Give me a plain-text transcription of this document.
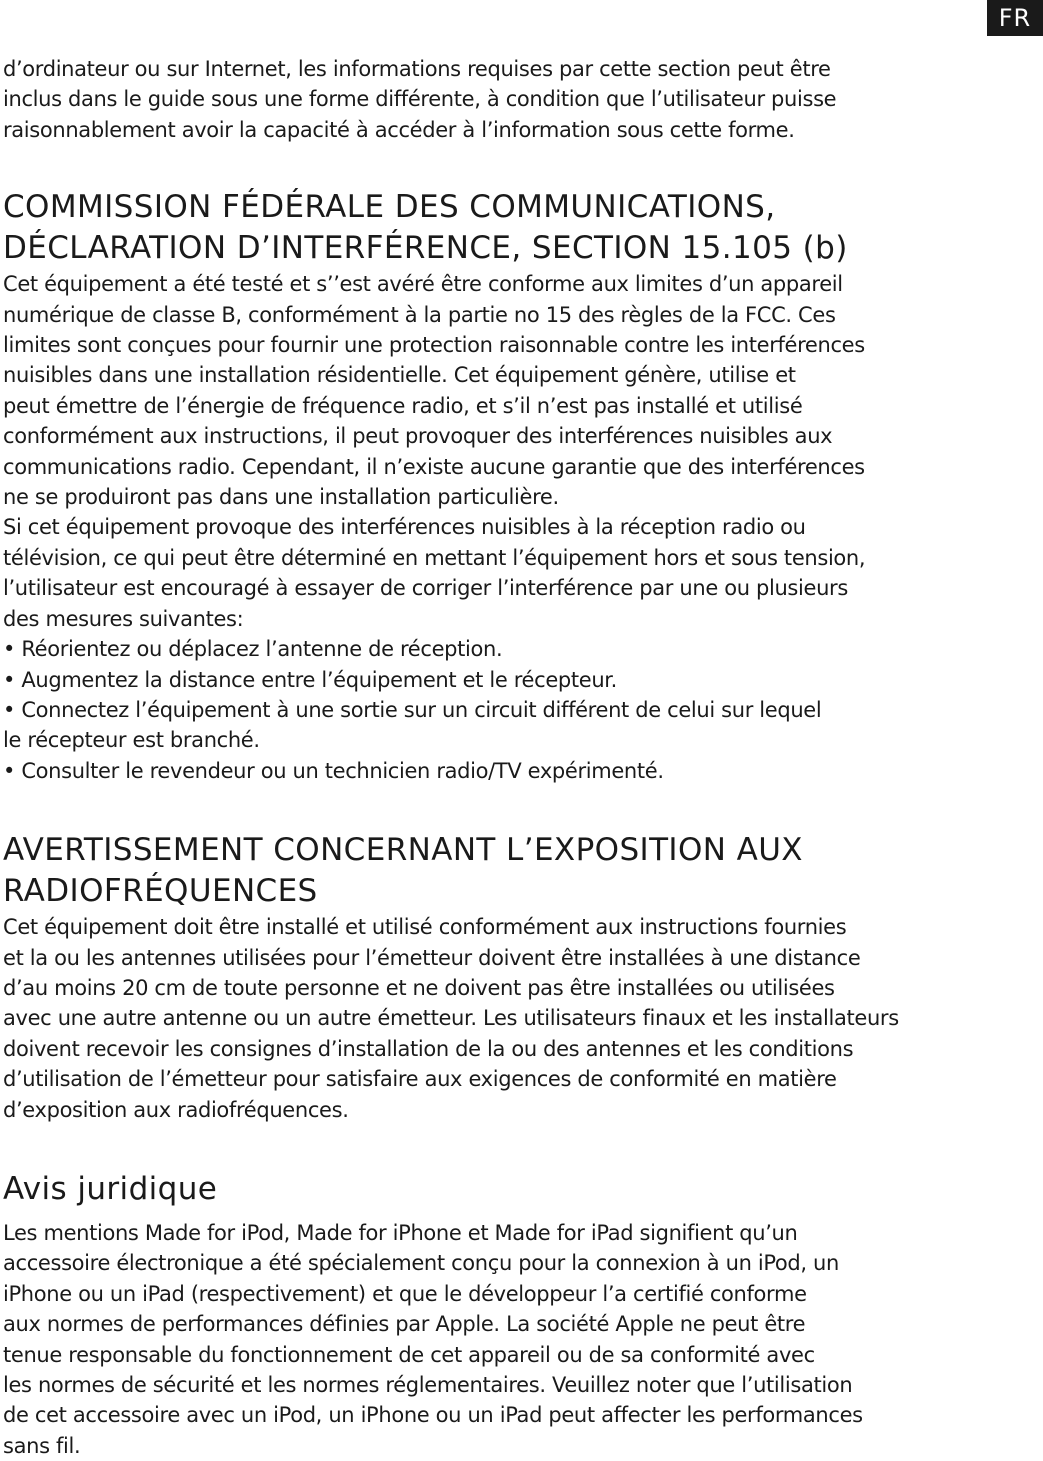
FR

d’ordinateur ou sur Internet, les informations requises par cette section peut être
inclus dans le guide sous une forme différente, à condition que l’utilisateur puisse
raisonnablement avoir la capacité à accéder à l’information sous cette forme.

COMMISSION FÉDÉRALE DES COMMUNICATIONS,
DÉCLARATION D’INTERFÉRENCE, SECTION 15.105 (b)

Cet équipement a été testé et s’’est avéré être conforme aux limites d’un appareil
numérique de classe B, conformément à la partie no 15 des règles de la FCC. Ces
limites sont conçues pour fournir une protection raisonnable contre les interférences
nuisibles dans une installation résidentielle. Cet équipement génère, utilise et
peut émettre de l’énergie de fréquence radio, et s’il n’est pas installé et utilisé
conformément aux instructions, il peut provoquer des interférences nuisibles aux
communications radio. Cependant, il n’existe aucune garantie que des interférences
ne se produiront pas dans une installation particulière.
Si cet équipement provoque des interférences nuisibles à la réception radio ou
télévision, ce qui peut être déterminé en mettant l’équipement hors et sous tension,
l’utilisateur est encouragé à essayer de corriger l’interférence par une ou plusieurs
des mesures suivantes:
• Réorientez ou déplacez l’antenne de réception.
• Augmentez la distance entre l’équipement et le récepteur.
• Connectez l’équipement à une sortie sur un circuit différent de celui sur lequel
le récepteur est branché.
• Consulter le revendeur ou un technicien radio/TV expérimenté.

AVERTISSEMENT CONCERNANT L’EXPOSITION AUX
RADIOFRÉQUENCES

Cet équipement doit être installé et utilisé conformément aux instructions fournies
et la ou les antennes utilisées pour l’émetteur doivent être installées à une distance
d’au moins 20 cm de toute personne et ne doivent pas être installées ou utilisées
avec une autre antenne ou un autre émetteur. Les utilisateurs finaux et les installateurs
doivent recevoir les consignes d’installation de la ou des antennes et les conditions
d’utilisation de l’émetteur pour satisfaire aux exigences de conformité en matière
d’exposition aux radiofréquences.

Avis juridique

Les mentions Made for iPod, Made for iPhone et Made for iPad signifient qu’un
accessoire électronique a été spécialement conçu pour la connexion à un iPod, un
iPhone ou un iPad (respectivement) et que le développeur l’a certifié conforme
aux normes de performances définies par Apple. La société Apple ne peut être
tenue responsable du fonctionnement de cet appareil ou de sa conformité avec
les normes de sécurité et les normes réglementaires. Veuillez noter que l’utilisation
de cet accessoire avec un iPod, un iPhone ou un iPad peut affecter les performances
sans fil.
